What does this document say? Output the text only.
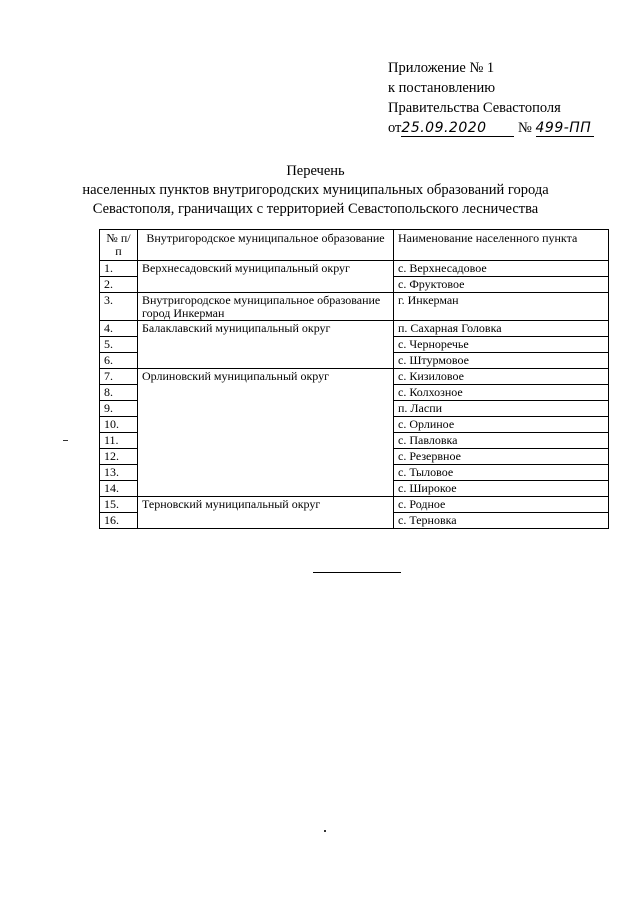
Приложение № 1
к постановлению
Правительства Севастополя
от25.09.2020 № 499-ПП
Перечень
населенных пунктов внутригородских муниципальных образований города
Севастополя, граничащих с территорией Севастопольского лесничества
№ п/п	Внутригородское муниципальное образование	Наименование населенного пункта
1.	Верхнесадовский муниципальный округ	с. Верхнесадовое
2.		с. Фруктовое
3.	Внутригородское муниципальное образование город Инкерман	г. Инкерман
4.	Балаклавский муниципальный округ	п. Сахарная Головка
5.		с. Черноречье
6.		с. Штурмовое
7.	Орлиновский муниципальный округ	с. Кизиловое
8.		с. Колхозное
9.		п. Ласпи
10.		с. Орлиное
11.		с. Павловка
12.		с. Резервное
13.		с. Тыловое
14.		с. Широкое
15.	Терновский муниципальный округ	с. Родное
16.		с. Терновка
